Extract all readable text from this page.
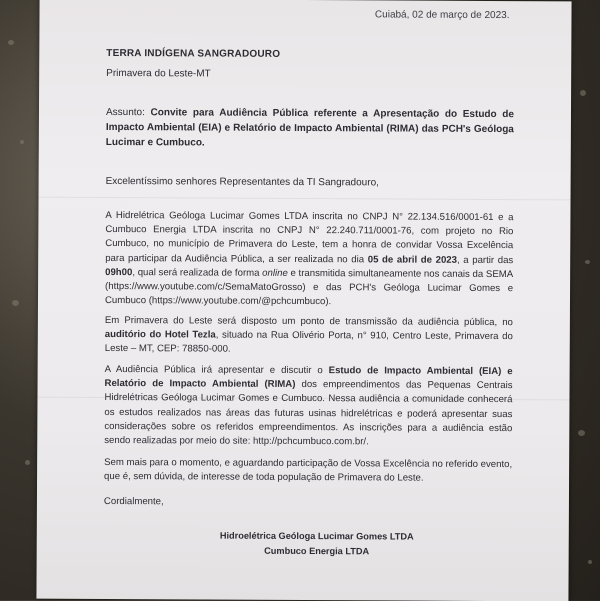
Cuiabá, 02 de março de 2023.
TERRA INDÍGENA SANGRADOURO
Primavera do Leste-MT
Assunto: Convite para Audiência Pública referente a Apresentação do Estudo de Impacto Ambiental (EIA) e Relatório de Impacto Ambiental (RIMA) das PCH's Geóloga Lucimar e Cumbuco.
Excelentíssimo senhores Representantes da TI Sangradouro,
A Hidrelétrica Geóloga Lucimar Gomes LTDA inscrita no CNPJ N° 22.134.516/0001-61 e a Cumbuco Energia LTDA inscrita no CNPJ N° 22.240.711/0001-76, com projeto no Rio Cumbuco, no município de Primavera do Leste, tem a honra de convidar Vossa Excelência para participar da Audiência Pública, a ser realizada no dia 05 de abril de 2023, a partir das 09h00, qual será realizada de forma online e transmitida simultaneamente nos canais da SEMA (https://www.youtube.com/c/SemaMatoGrosso) e das PCH's Geóloga Lucimar Gomes e Cumbuco (https://www.youtube.com/@pchcumbuco).
Em Primavera do Leste será disposto um ponto de transmissão da audiência pública, no auditório do Hotel Tezla, situado na Rua Olivério Porta, n° 910, Centro Leste, Primavera do Leste – MT, CEP: 78850-000.
A Audiência Pública irá apresentar e discutir o Estudo de Impacto Ambiental (EIA) e Relatório de Impacto Ambiental (RIMA) dos empreendimentos das Pequenas Centrais Hidrelétricas Geóloga Lucimar Gomes e Cumbuco. Nessa audiência a comunidade conhecerá os estudos realizados nas áreas das futuras usinas hidrelétricas e poderá apresentar suas considerações sobre os referidos empreendimentos. As inscrições para a audiência estão sendo realizadas por meio do site: http://pchcumbuco.com.br/.
Sem mais para o momento, e aguardando participação de Vossa Excelência no referido evento, que é, sem dúvida, de interesse de toda população de Primavera do Leste.
Cordialmente,
Hidroelétrica Geóloga Lucimar Gomes LTDA
Cumbuco Energia LTDA
